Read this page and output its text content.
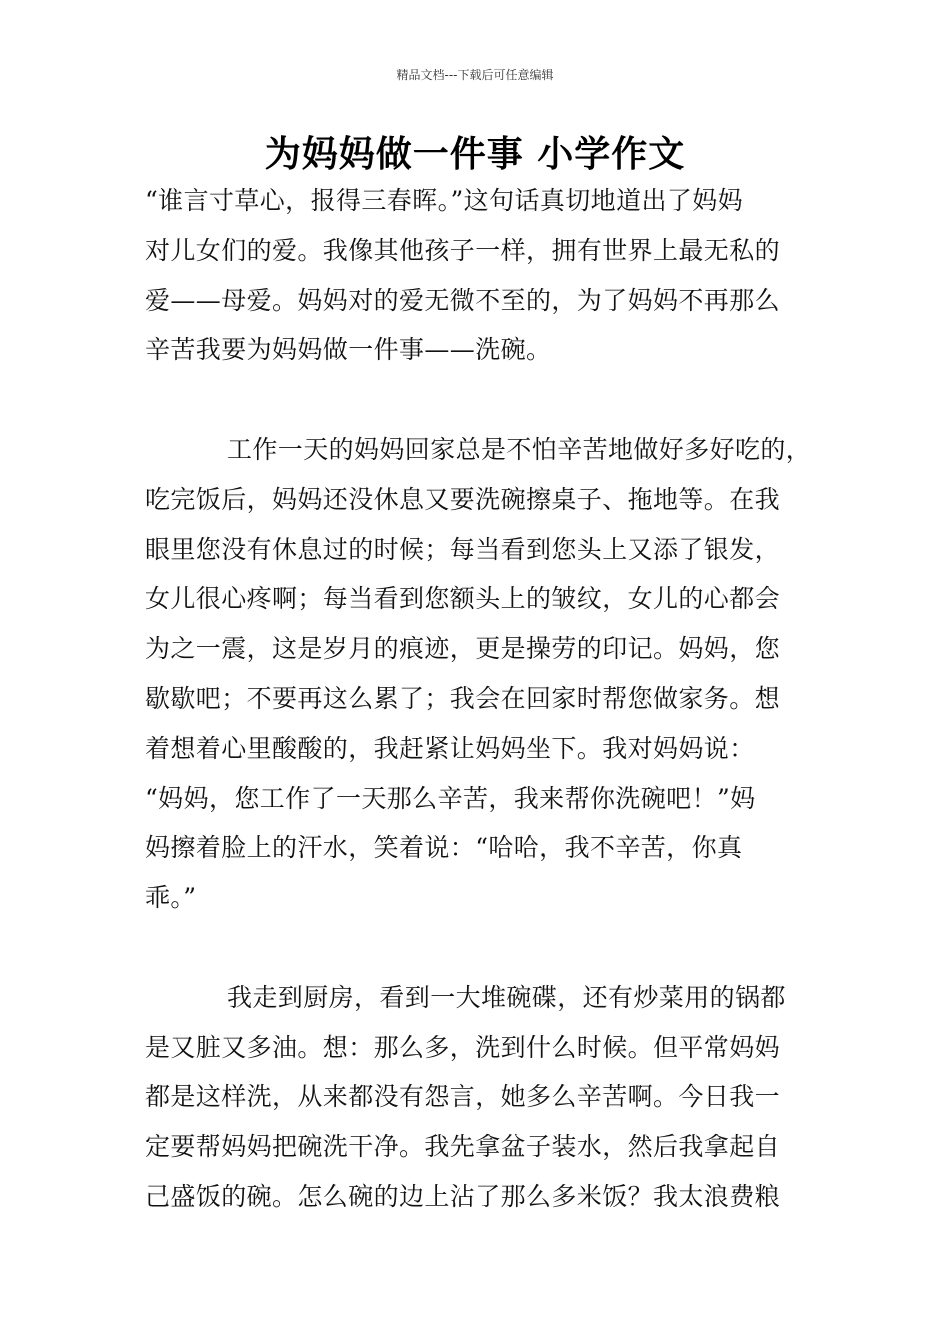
精品文档---下载后可任意编辑
为妈妈做一件事 小学作文
“谁言寸草心，报得三春晖。”这句话真切地道出了妈妈
对儿女们的爱。我像其他孩子一样，拥有世界上最无私的
爱——母爱。妈妈对的爱无微不至的，为了妈妈不再那么
辛苦我要为妈妈做一件事——洗碗。
工作一天的妈妈回家总是不怕辛苦地做好多好吃的，
吃完饭后，妈妈还没休息又要洗碗擦桌子、拖地等。在我
眼里您没有休息过的时候；每当看到您头上又添了银发，
女儿很心疼啊；每当看到您额头上的皱纹，女儿的心都会
为之一震，这是岁月的痕迹，更是操劳的印记。妈妈，您
歇歇吧；不要再这么累了；我会在回家时帮您做家务。想
着想着心里酸酸的，我赶紧让妈妈坐下。我对妈妈说：
“妈妈，您工作了一天那么辛苦，我来帮你洗碗吧！”妈
妈擦着脸上的汗水，笑着说：“哈哈，我不辛苦，你真
乖。”
我走到厨房，看到一大堆碗碟，还有炒菜用的锅都
是又脏又多油。想：那么多，洗到什么时候。但平常妈妈
都是这样洗，从来都没有怨言，她多么辛苦啊。今日我一
定要帮妈妈把碗洗干净。我先拿盆子装水，然后我拿起自
己盛饭的碗。怎么碗的边上沾了那么多米饭？我太浪费粮
